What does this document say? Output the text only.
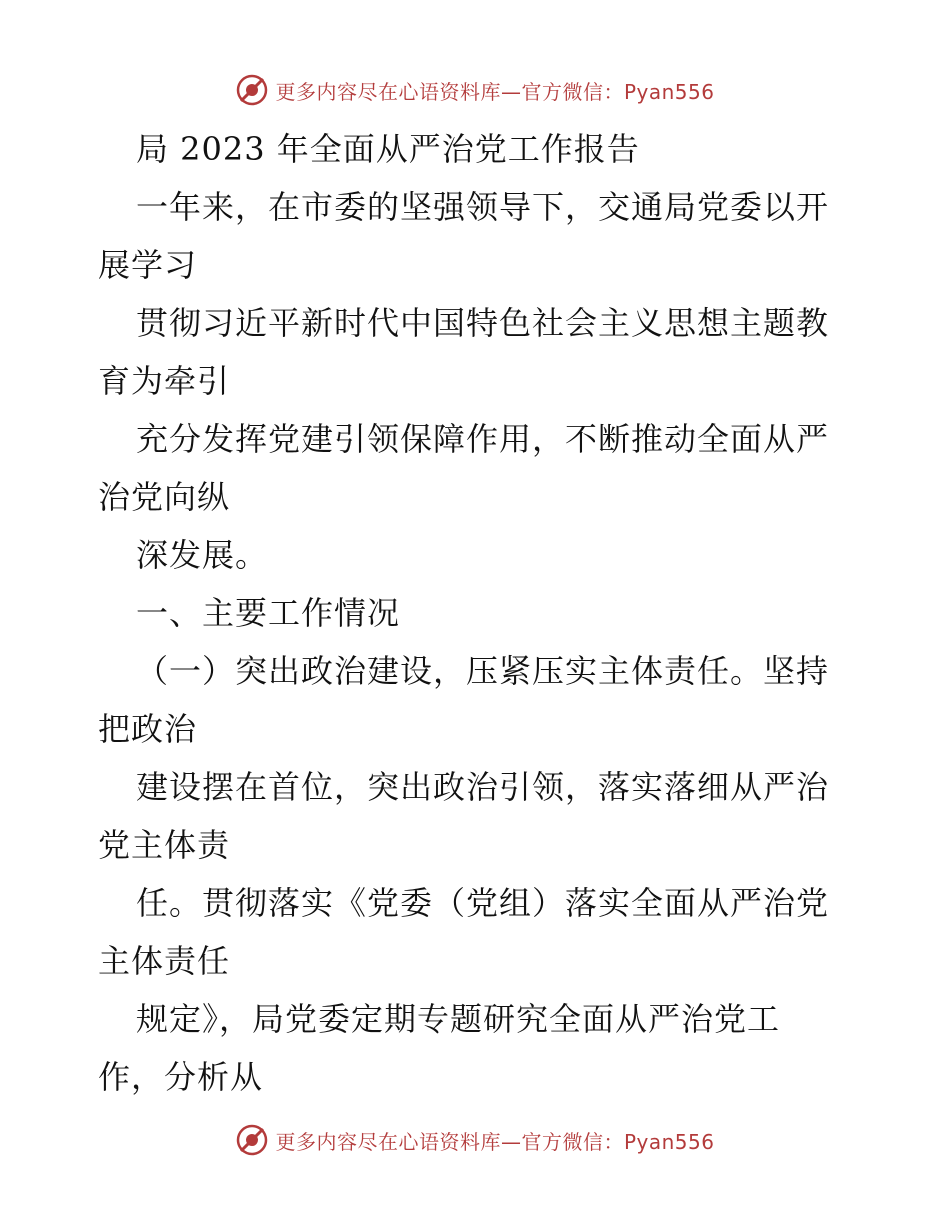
更多内容尽在心语资料库—官方微信：Pyan556
局 2023 年全面从严治党工作报告
一年来，在市委的坚强领导下，交通局党委以开
展学习
贯彻习近平新时代中国特色社会主义思想主题教
育为牵引
充分发挥党建引领保障作用，不断推动全面从严
治党向纵
深发展。
一、主要工作情况
（一）突出政治建设，压紧压实主体责任。坚持
把政治
建设摆在首位，突出政治引领，落实落细从严治
党主体责
任。贯彻落实《党委（党组）落实全面从严治党
主体责任
规定》，局党委定期专题研究全面从严治党工
作，分析从
更多内容尽在心语资料库—官方微信：Pyan556
